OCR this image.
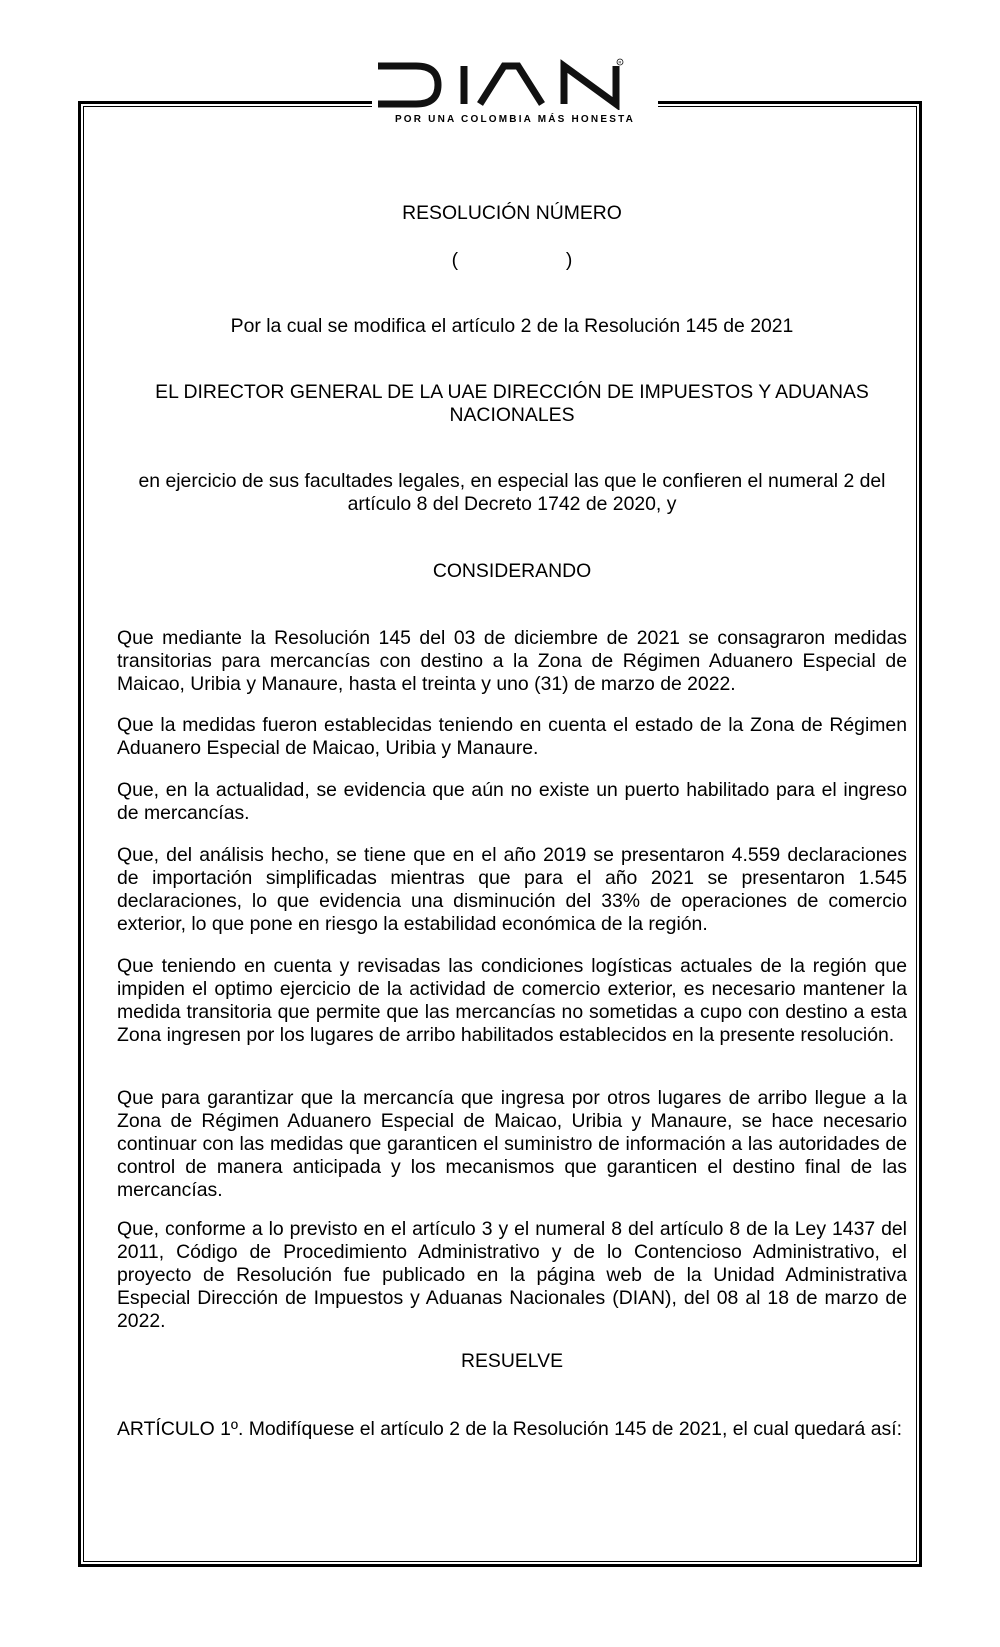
R
POR UNA COLOMBIA MÁS HONESTA
RESOLUCIÓN NÚMERO
(                    )
Por la cual se modifica el artículo 2 de la Resolución 145 de 2021
EL DIRECTOR GENERAL DE LA UAE DIRECCIÓN DE IMPUESTOS Y ADUANAS NACIONALES
en ejercicio de sus facultades legales, en especial las que le confieren el numeral 2 del artículo 8 del Decreto 1742 de 2020, y
CONSIDERANDO
Que mediante la Resolución 145 del 03 de diciembre de 2021 se consagraron medidas transitorias para mercancías con destino a la Zona de Régimen Aduanero Especial de Maicao, Uribia y Manaure, hasta el treinta y uno (31) de marzo de 2022.
Que la medidas fueron establecidas teniendo en cuenta el estado de la Zona de Régimen Aduanero Especial de Maicao, Uribia y Manaure.
Que, en la actualidad, se evidencia que aún no existe un puerto habilitado para el ingreso de mercancías.
Que, del análisis hecho, se tiene que en el año 2019 se presentaron 4.559 declaraciones de importación simplificadas mientras que para el año 2021 se presentaron 1.545 declaraciones, lo que evidencia una disminución del 33% de operaciones de comercio exterior, lo que pone en riesgo la estabilidad económica de la región.
Que teniendo en cuenta y revisadas las condiciones logísticas actuales de la región que impiden el optimo ejercicio de la actividad de comercio exterior, es necesario mantener la medida transitoria que permite que las mercancías no sometidas a cupo con destino a esta Zona ingresen por los lugares de arribo habilitados establecidos en la presente resolución.
Que para garantizar que la mercancía que ingresa por otros lugares de arribo llegue a la Zona de Régimen Aduanero Especial de Maicao, Uribia y Manaure, se hace necesario continuar con las medidas que garanticen el suministro de información a las autoridades de control de manera anticipada y los mecanismos que garanticen el destino final de las mercancías.
Que, conforme a lo previsto en el artículo 3 y el numeral 8 del artículo 8 de la Ley 1437 del 2011, Código de Procedimiento Administrativo y de lo Contencioso Administrativo, el proyecto de Resolución fue publicado en la página web de la Unidad Administrativa Especial Dirección de Impuestos y Aduanas Nacionales (DIAN), del 08 al 18 de marzo de 2022.
RESUELVE
ARTÍCULO 1º. Modifíquese el artículo 2 de la Resolución 145 de 2021, el cual quedará así:
